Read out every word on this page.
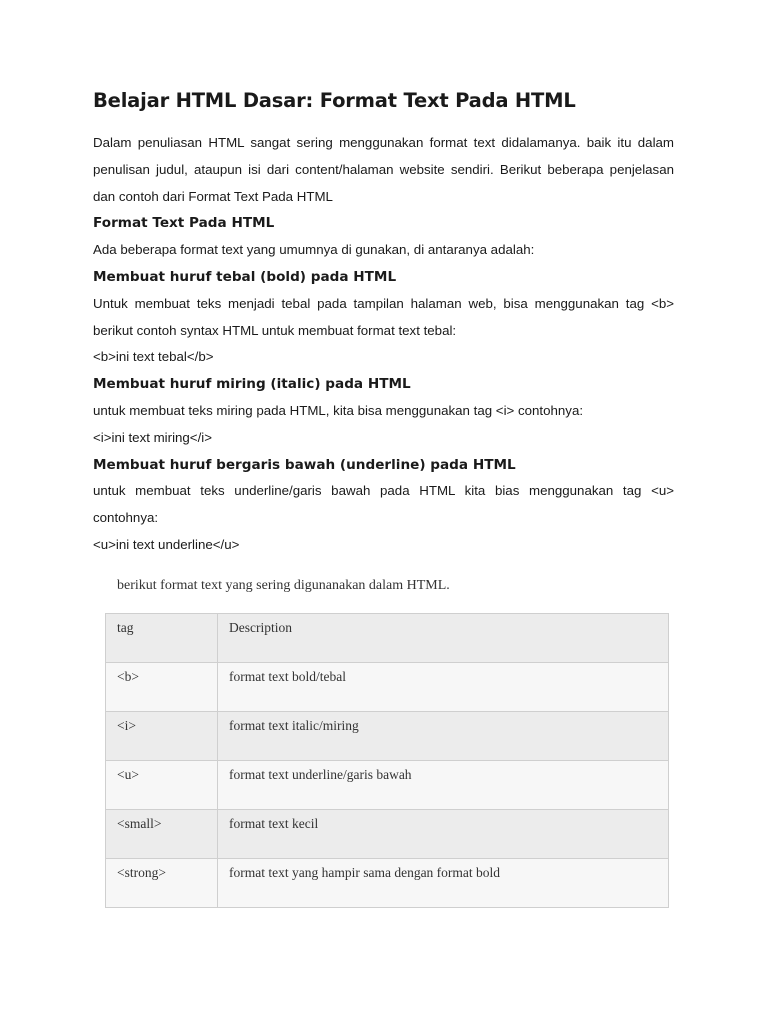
Belajar HTML Dasar: Format Text Pada HTML

Dalam penuliasan HTML sangat sering menggunakan format text didalamanya. baik itu dalam penulisan judul, ataupun isi dari content/halaman website sendiri. Berikut beberapa penjelasan dan contoh dari Format Text Pada HTML

Format Text Pada HTML

Ada beberapa format text yang umumnya di gunakan, di antaranya adalah:

Membuat huruf tebal (bold) pada HTML

Untuk membuat teks menjadi tebal pada tampilan halaman web, bisa menggunakan tag <b>

berikut contoh syntax HTML untuk membuat format text tebal:

<b>ini text tebal</b>

Membuat huruf miring (italic) pada HTML

untuk membuat teks miring pada HTML, kita bisa menggunakan tag <i> contohnya:

<i>ini text miring</i>

Membuat huruf bergaris bawah (underline) pada HTML

untuk membuat teks underline/garis bawah pada HTML kita bias menggunakan tag <u>

contohnya:

<u>ini text underline</u>

berikut format text yang sering digunanakan dalam HTML.

tag	Description
<b>	format text bold/tebal
<i>	format text italic/miring
<u>	format text underline/garis bawah
<small>	format text kecil
<strong>	format text yang hampir sama dengan format bold
